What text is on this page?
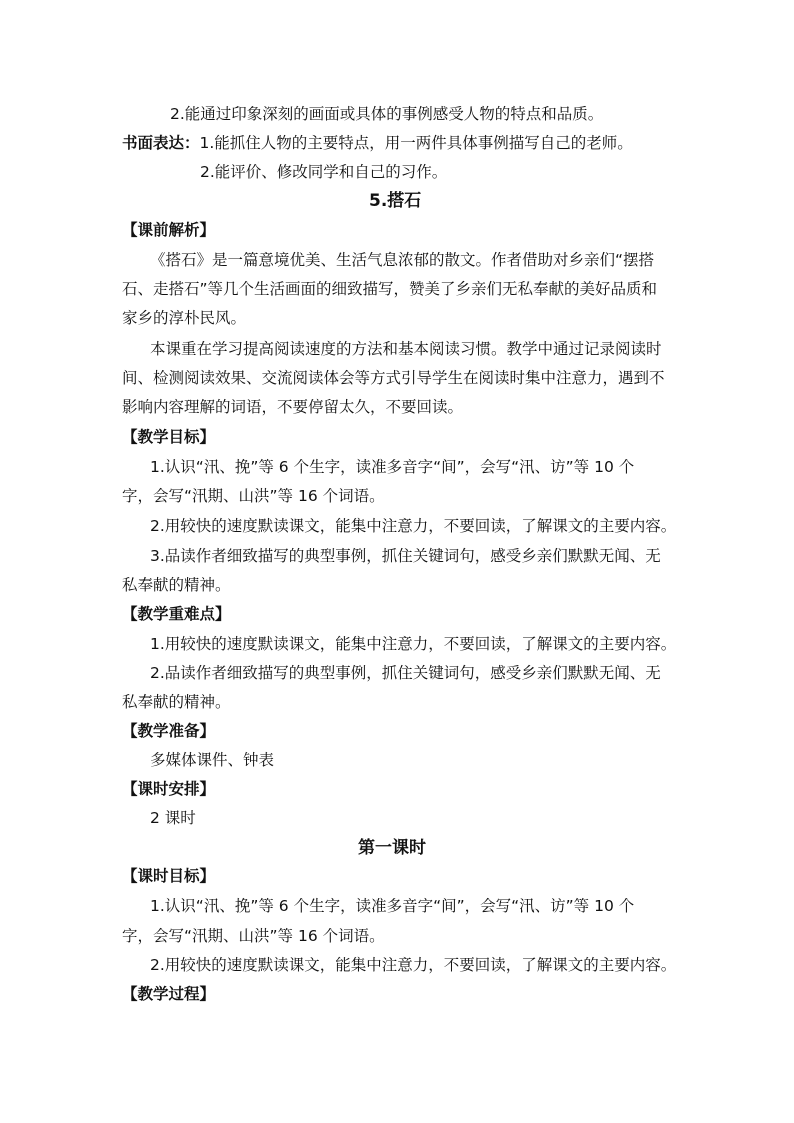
2.能通过印象深刻的画面或具体的事例感受人物的特点和品质。
书面表达：1.能抓住人物的主要特点，用一两件具体事例描写自己的老师。
2.能评价、修改同学和自己的习作。
5.搭石
【课前解析】
《搭石》是一篇意境优美、生活气息浓郁的散文。作者借助对乡亲们“摆搭
石、走搭石”等几个生活画面的细致描写，赞美了乡亲们无私奉献的美好品质和
家乡的淳朴民风。
本课重在学习提高阅读速度的方法和基本阅读习惯。教学中通过记录阅读时
间、检测阅读效果、交流阅读体会等方式引导学生在阅读时集中注意力，遇到不
影响内容理解的词语，不要停留太久，不要回读。
【教学目标】
1.认识“汛、挽”等 6 个生字，读准多音字“间”，会写“汛、访”等 10 个
字，会写“汛期、山洪”等 16 个词语。
2.用较快的速度默读课文，能集中注意力，不要回读，了解课文的主要内容。
3.品读作者细致描写的典型事例，抓住关键词句，感受乡亲们默默无闻、无
私奉献的精神。
【教学重难点】
1.用较快的速度默读课文，能集中注意力，不要回读，了解课文的主要内容。
2.品读作者细致描写的典型事例，抓住关键词句，感受乡亲们默默无闻、无
私奉献的精神。
【教学准备】
多媒体课件、钟表
【课时安排】
2 课时
第一课时
【课时目标】
1.认识“汛、挽”等 6 个生字，读准多音字“间”，会写“汛、访”等 10 个
字，会写“汛期、山洪”等 16 个词语。
2.用较快的速度默读课文，能集中注意力，不要回读，了解课文的主要内容。
【教学过程】
